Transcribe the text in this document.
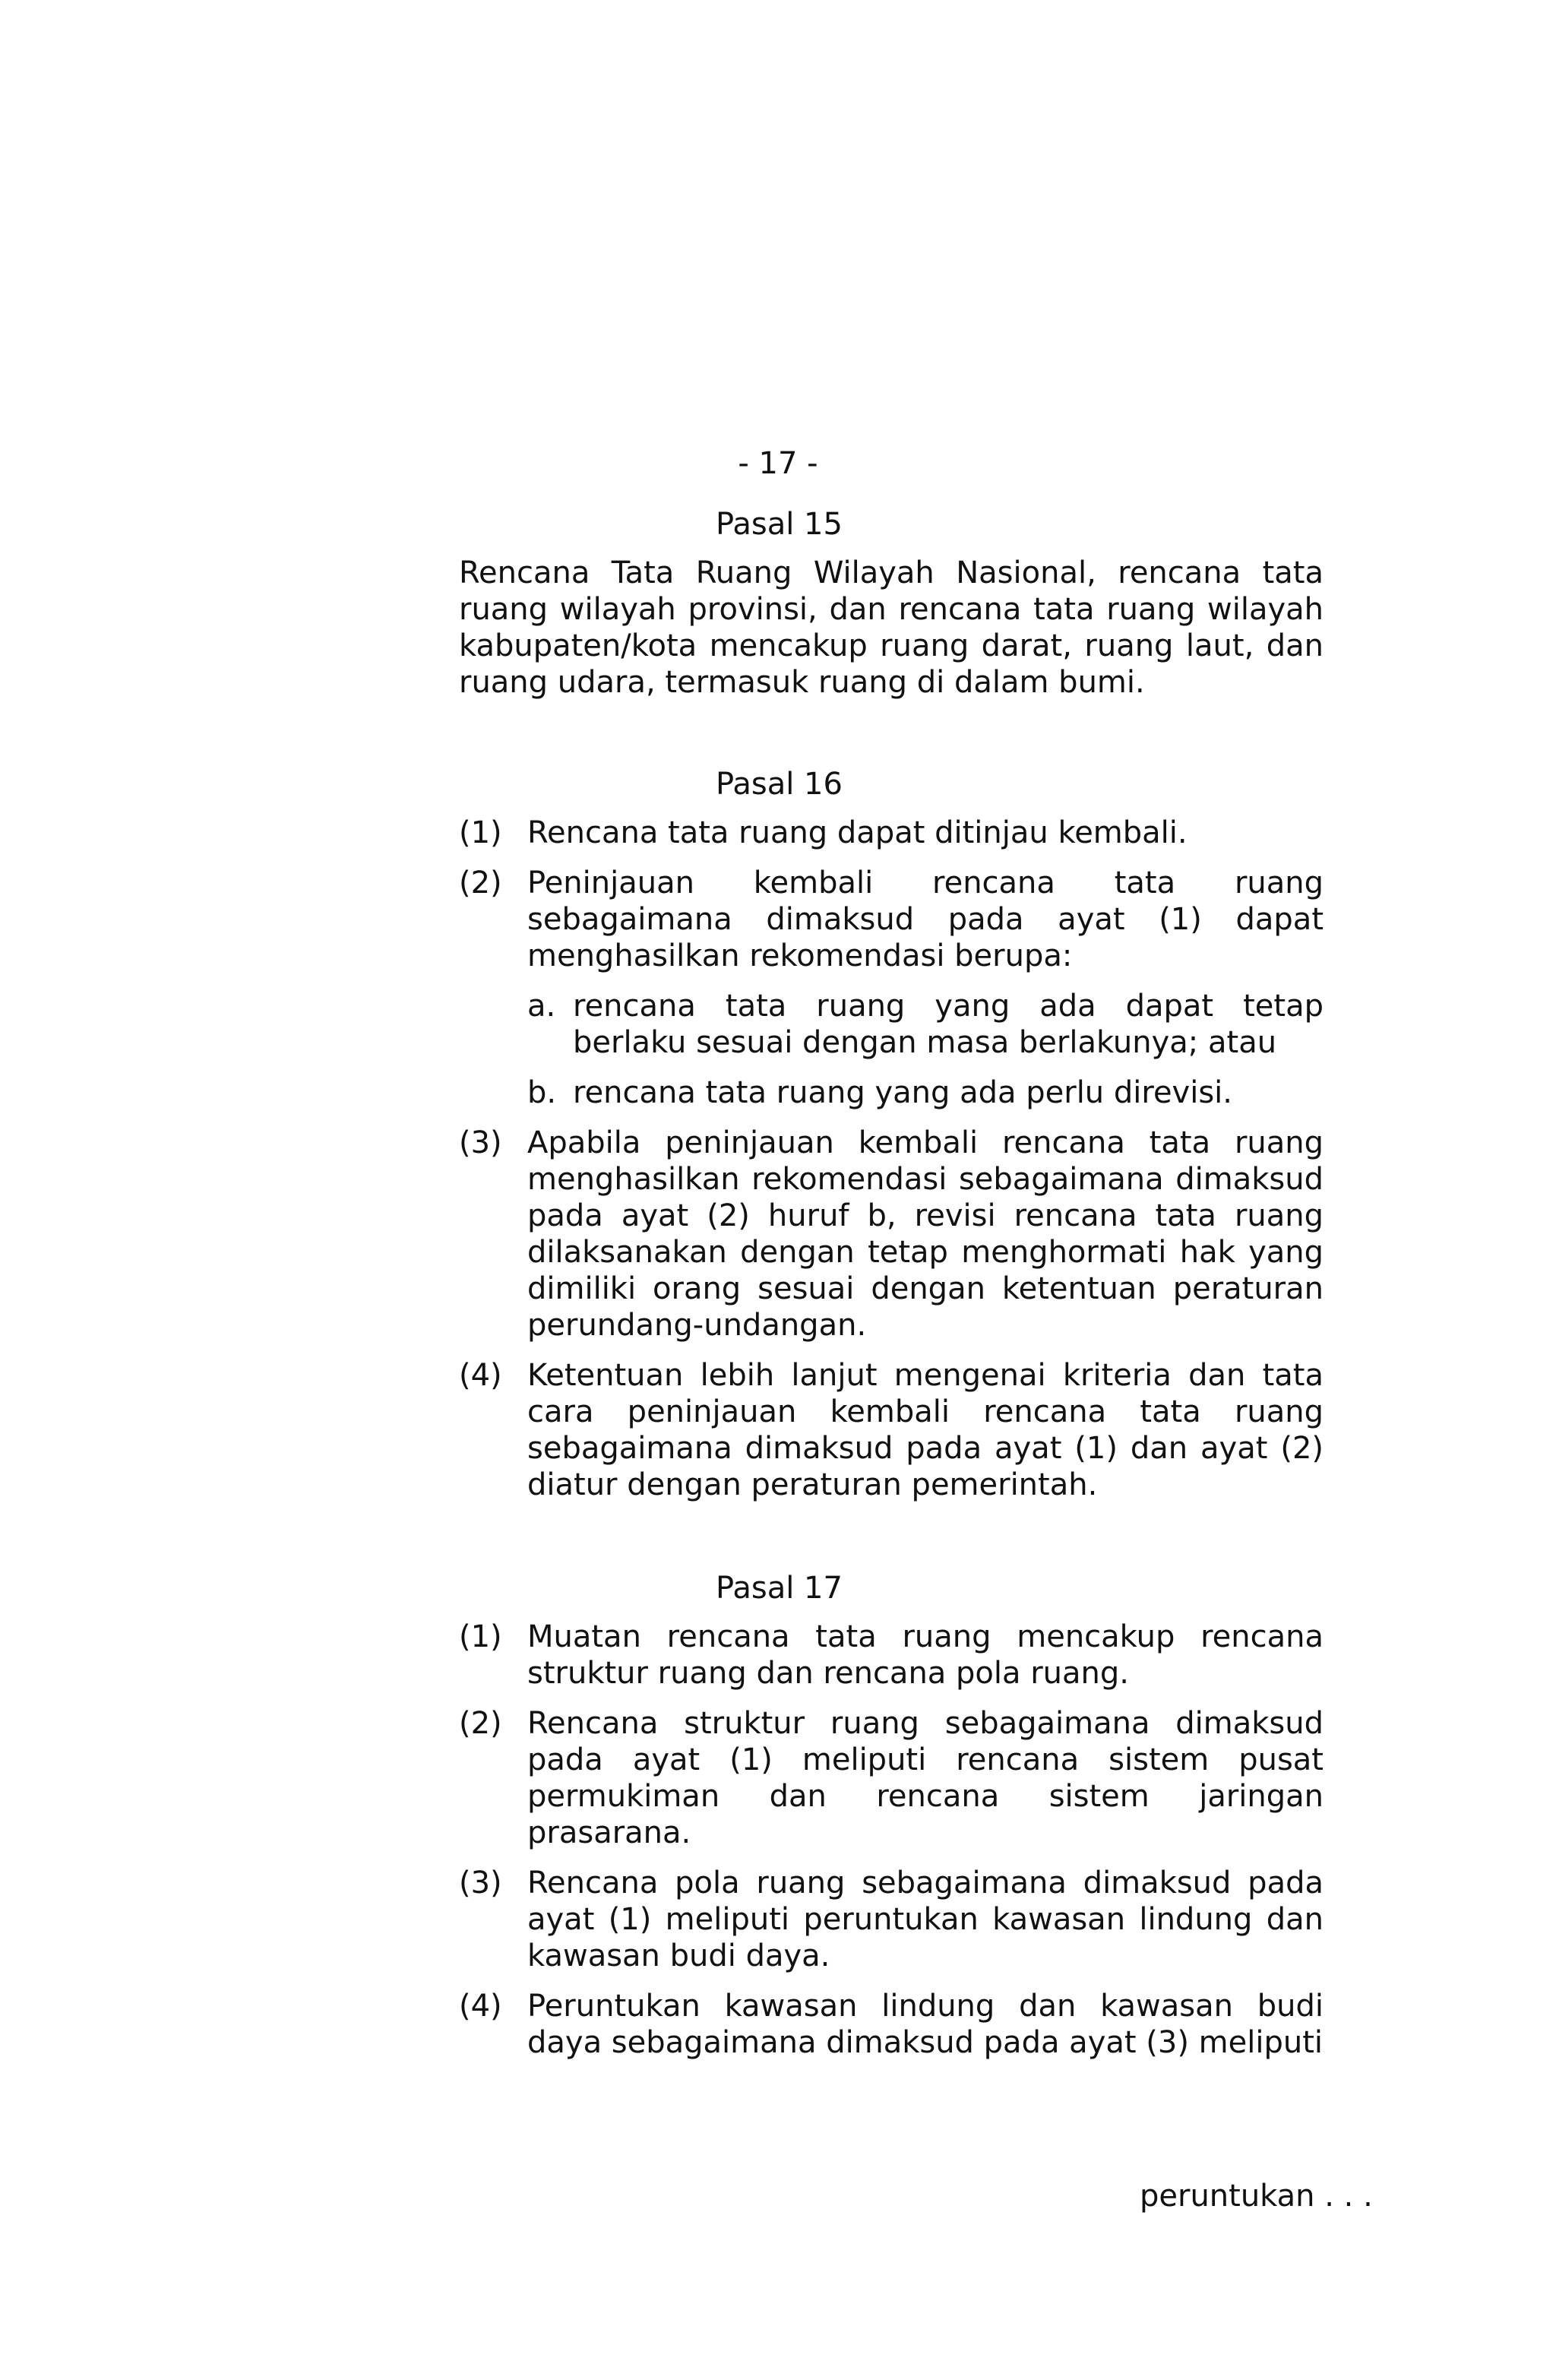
- 17 -
Pasal 15

Rencana Tata Ruang Wilayah Nasional, rencana tata ruang wilayah provinsi, dan rencana tata ruang wilayah kabupaten/kota mencakup ruang darat, ruang laut, dan ruang udara, termasuk ruang di dalam bumi.

Pasal 16
(1) Rencana tata ruang dapat ditinjau kembali.
(2) Peninjauan kembali rencana tata ruang sebagaimana dimaksud pada ayat (1) dapat menghasilkan rekomendasi berupa:
a. rencana tata ruang yang ada dapat tetap berlaku sesuai dengan masa berlakunya; atau
b. rencana tata ruang yang ada perlu direvisi.
(3) Apabila peninjauan kembali rencana tata ruang menghasilkan rekomendasi sebagaimana dimaksud pada ayat (2) huruf b, revisi rencana tata ruang dilaksanakan dengan tetap menghormati hak yang dimiliki orang sesuai dengan ketentuan peraturan perundang-undangan.
(4) Ketentuan lebih lanjut mengenai kriteria dan tata cara peninjauan kembali rencana tata ruang sebagaimana dimaksud pada ayat (1) dan ayat (2) diatur dengan peraturan pemerintah.
Pasal 17
(1) Muatan rencana tata ruang mencakup rencana struktur ruang dan rencana pola ruang.
(2) Rencana struktur ruang sebagaimana dimaksud pada ayat (1) meliputi rencana sistem pusat permukiman dan rencana sistem jaringan prasarana.
(3) Rencana pola ruang sebagaimana dimaksud pada ayat (1) meliputi peruntukan kawasan lindung dan kawasan budi daya.
(4) Peruntukan kawasan lindung dan kawasan budi daya sebagaimana dimaksud pada ayat (3) meliputi
peruntukan . . .
